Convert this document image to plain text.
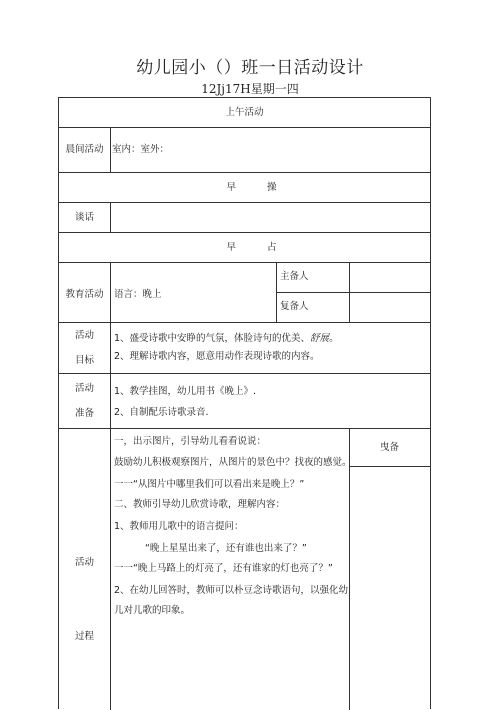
幼儿园小（）班一日活动设计
12Jj17H星期一四
上午活动
晨间活动 室内：室外：
早 操
谈话
早 占
教育活动	语言：晚上
主备人
复备人
活动
目标
1、盛受诗歌中安睁的气氛，体脸诗句的优美、舒展。
2、理解诗歌内容，愿意用动作表现诗歌的内容。
活动
准备
1、教学挂图，幼儿用书《晚上》.
2、自制配乐诗歌录音.
活动
过程
曳备
一，出示图片，引导幼儿看看说说：
鼓励幼儿积极观察图片，从图片的景色中？找夜的感觉。
一一“从图片中哪里我们可以看出来是晚上？”
二、教师引导幼儿欣赏诗歌，理解内容：
1、教师用儿歌中的语言提问：
“晚上星星出来了，还有谁也出来了？”
一一“晚上马路上的灯亮了，还有谁家的灯也亮了？”
2、在幼儿回答时，教师可以朴豆念诗歌语句，以强化幼
儿对儿歌的印象。
